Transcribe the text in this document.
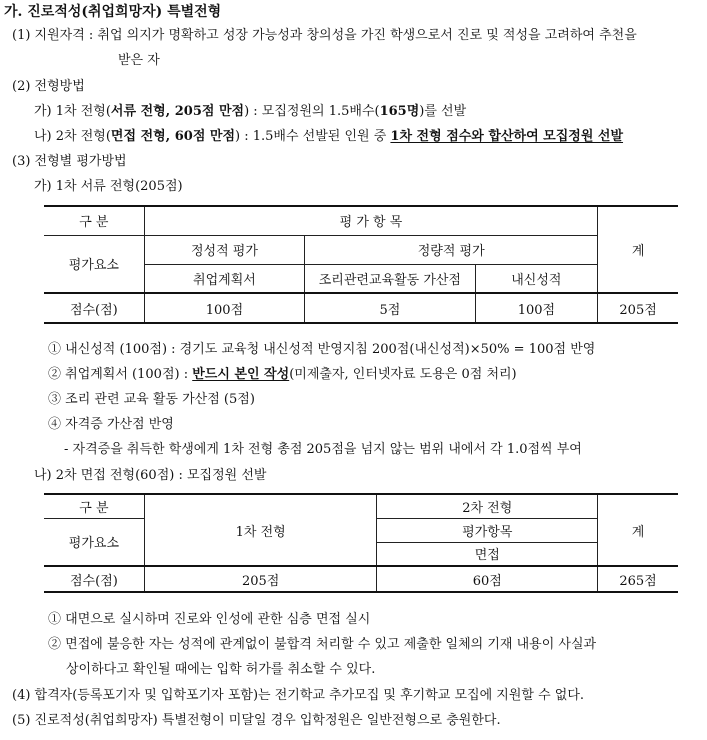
가. 진로적성(취업희망자) 특별전형
(1) 지원자격 : 취업 의지가 명확하고 성장 가능성과 창의성을 가진 학생으로서 진로 및 적성을 고려하여 추천을
받은 자
(2) 전형방법
가) 1차 전형(서류 전형, 205점 만점) : 모집정원의 1.5배수(165명)를 선발
나) 2차 전형(면접 전형, 60점 만점) : 1.5배수 선발된 인원 중 1차 전형 점수와 합산하여 모집정원 선발
(3) 전형별 평가방법
가) 1차 서류 전형(205점)
구 분	평 가 항 목			계
평가요소	정성적 평가	정량적 평가		
	취업계획서	조리관련교육활동 가산점	내신성적	
점수(점)	100점	5점	100점	205점
① 내신성적 (100점) : 경기도 교육청 내신성적 반영지침 200점(내신성적)×50% = 100점 반영
② 취업계획서 (100점) : 반드시 본인 작성(미제출자, 인터넷자료 도용은 0점 처리)
③ 조리 관련 교육 활동 가산점 (5점)
④ 자격증 가산점 반영
- 자격증을 취득한 학생에게 1차 전형 총점 205점을 넘지 않는 범위 내에서 각 1.0점씩 부여
나) 2차 면접 전형(60점) : 모집정원 선발
구 분	1차 전형	2차 전형	계
평가요소		평가항목	
		면접	
점수(점)	205점	60점	265점
① 대면으로 실시하며 진로와 인성에 관한 심층 면접 실시
② 면접에 불응한 자는 성적에 관계없이 불합격 처리할 수 있고 제출한 일체의 기재 내용이 사실과
상이하다고 확인될 때에는 입학 허가를 취소할 수 있다.
(4) 합격자(등록포기자 및 입학포기자 포함)는 전기학교 추가모집 및 후기학교 모집에 지원할 수 없다.
(5) 진로적성(취업희망자) 특별전형이 미달일 경우 입학정원은 일반전형으로 충원한다.
